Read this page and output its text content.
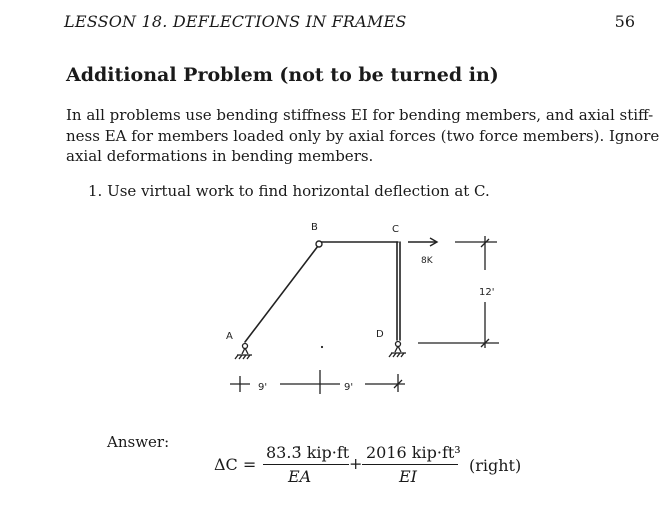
LESSON 18. DEFLECTIONS IN FRAMES	56
Additional Problem (not to be turned in)

In all problems use bending stiffness EI for bending members, and axial stiff-

ness EA for members loaded only by axial forces (two force members). Ignore

axial deformations in bending members.

1. Use virtual work to find horizontal deflection at C.
B	C
A	D
8K
12'
9'	9'
Answer:
ΔC =
83.3̄ kip·ft
EA
+
2016 kip·ft³
EI
(right)
